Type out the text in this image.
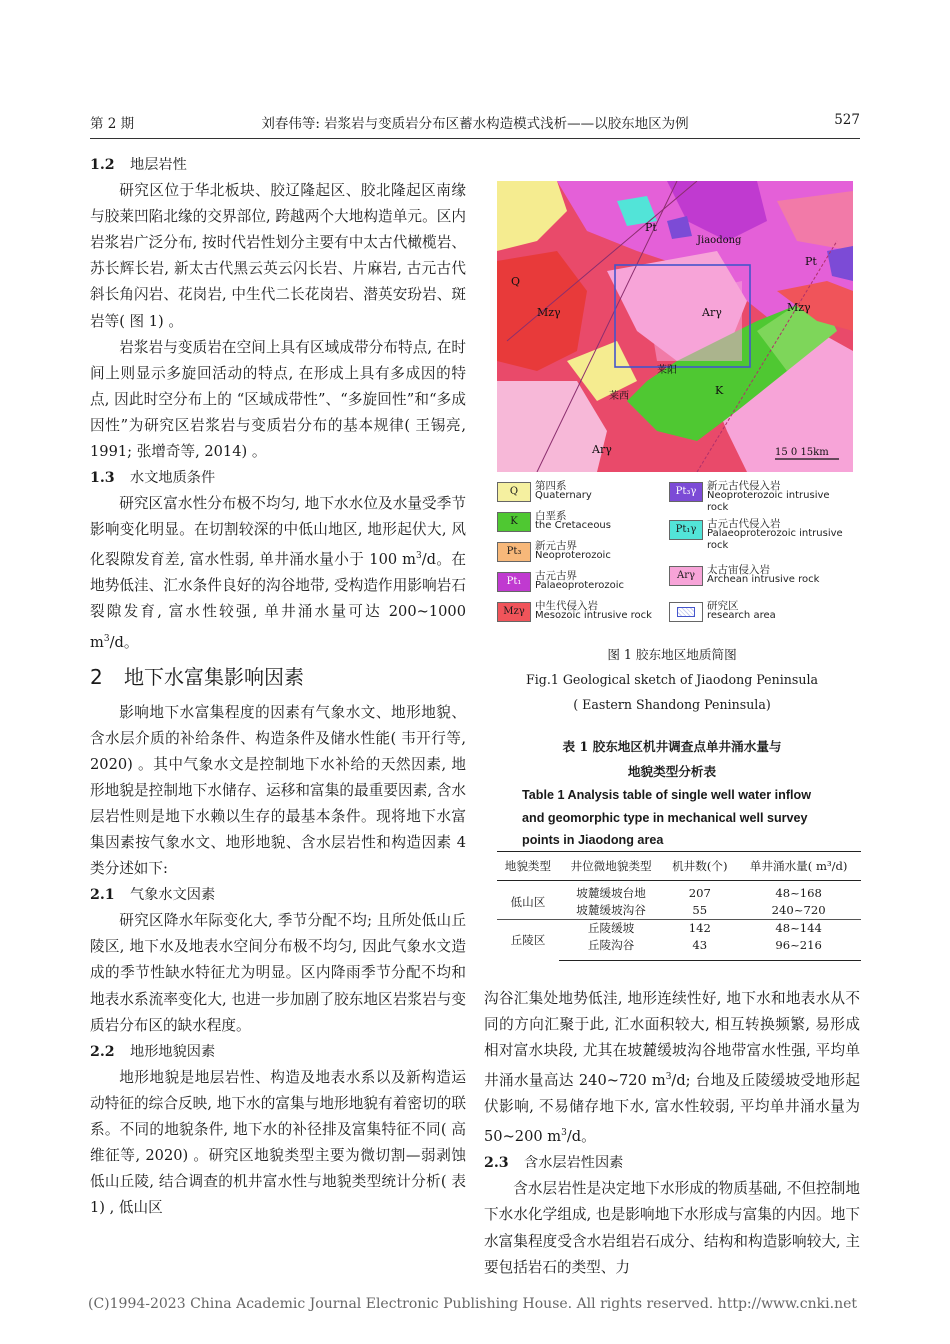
第 2 期	刘春伟等: 岩浆岩与变质岩分布区蓄水构造模式浅析——以胶东地区为例	527
1.2 地层岩性

研究区位于华北板块、胶辽隆起区、胶北隆起区南缘与胶莱凹陷北缘的交界部位, 跨越两个大地构造单元。区内岩浆岩广泛分布, 按时代岩性划分主要有中太古代橄榄岩、苏长辉长岩, 新太古代黑云英云闪长岩、片麻岩, 古元古代斜长角闪岩、花岗岩, 中生代二长花岗岩、潜英安玢岩、斑岩等( 图 1) 。

岩浆岩与变质岩在空间上具有区域成带分布特点, 在时间上则显示多旋回活动的特点, 在形成上具有多成因的特点, 因此时空分布上的 “区域成带性”、“多旋回性”和“多成因性”为研究区岩浆岩与变质岩分布的基本规律( 王锡亮, 1991; 张增奇等, 2014) 。

1.3 水文地质条件

研究区富水性分布极不均匀, 地下水水位及水量受季节影响变化明显。在切割较深的中低山地区, 地形起伏大, 风化裂隙发育差, 富水性弱, 单井涌水量小于 100 $m^3/d$。在地势低洼、汇水条件良好的沟谷地带, 受构造作用影响岩石裂隙发育, 富水性较强, 单井涌水量可达 200~1000 $m^3/d$。

2 地下水富集影响因素

影响地下水富集程度的因素有气象水文、地形地貌、含水层介质的补给条件、构造条件及储水性能( 韦开行等, 2020) 。其中气象水文是控制地下水补给的天然因素, 地形地貌是控制地下水储存、运移和富集的最重要因素, 含水层岩性则是地下水赖以生存的最基本条件。现将地下水富集因素按气象水文、地形地貌、含水层岩性和构造因素 4 类分述如下:

2.1 气象水文因素

研究区降水年际变化大, 季节分配不均; 且所处低山丘陵区, 地下水及地表水空间分布极不均匀, 因此气象水文造成的季节性缺水特征尤为明显。区内降雨季节分配不均和地表水系流率变化大, 也进一步加剧了胶东地区岩浆岩与变质岩分布区的缺水程度。

2.2 地形地貌因素

地形地貌是地层岩性、构造及地表水系以及新构造运动特征的综合反映, 地下水的富集与地形地貌有着密切的联系。不同的地貌条件, 地下水的补径排及富集特征不同( 高维征等, 2020) 。研究区地貌类型主要为微切割—弱剥蚀低山丘陵, 结合调查的机井富水性与地貌类型统计分析( 表1) , 低山区

Q
Mzγ	Mzγ
Arγ
Arγ
K
Pt
Pt
Jiaodong
莱阳
莱西
15 0 15km
Q	第四系
Quaternary
K	白垩系
the Cretaceous
Pt₃	新元古界
Neoproterozoic
Pt₁	古元古界
Palaeoproterozoic
Mzγ 中生代侵入岩
Mesozoic intrusive rock
Pt₃γ	新元古代侵入岩
Neoproterozoic intrusive
rock
Pt₁γ	古元古代侵入岩
Palaeoproterozoic intrusive
rock
Arγ	太古宙侵入岩
Archean intrusive rock
研究区
research area
图 1 胶东地区地质简图
Fig.1 Geological sketch of Jiaodong Peninsula
( Eastern Shandong Peninsula)
表 1 胶东地区机井调查点单井涌水量与
地貌类型分析表
Table 1 Analysis table of single well water inflow
and geomorphic type in mechanical well survey
points in Jiaodong area
地貌类型	井位微地貌类型	机井数(个)	单井涌水量( m³/d)
低山区	坡麓缓坡台地	207	48~168
	坡麓缓坡沟谷	55	240~720
丘陵区	丘陵缓坡	142	48~144
	丘陵沟谷	43	96~216

沟谷汇集处地势低洼, 地形连续性好, 地下水和地表水从不同的方向汇聚于此, 汇水面积较大, 相互转换频繁, 易形成相对富水块段, 尤其在坡麓缓坡沟谷地带富水性强, 平均单井涌水量高达 240~720 $m^3/d$; 台地及丘陵缓坡受地形起伏影响, 不易储存地下水, 富水性较弱, 平均单井涌水量为 50~200 $m^3/d$。

2.3 含水层岩性因素

含水层岩性是决定地下水形成的物质基础, 不但控制地下水水化学组成, 也是影响地下水形成与富集的内因。地下水富集程度受含水岩组岩石成分、结构和构造影响较大, 主要包括岩石的类型、力

(C)1994-2023 China Academic Journal Electronic Publishing House. All rights reserved. http://www.cnki.net
